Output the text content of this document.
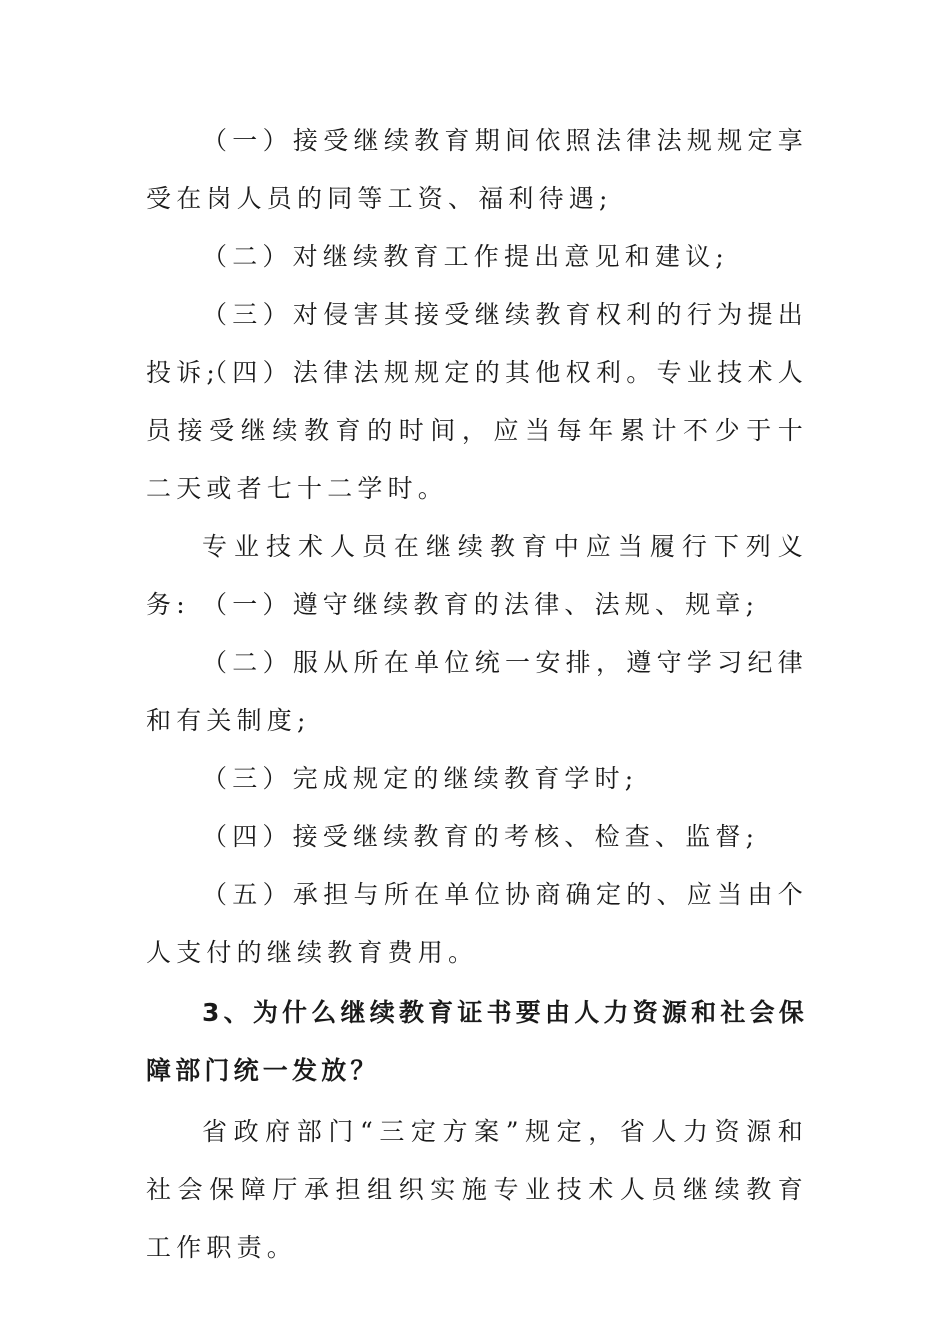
（一）接受继续教育期间依照法律法规规定享受在岗人员的同等工资、福利待遇;

（二）对继续教育工作提出意见和建议;

（三）对侵害其接受继续教育权利的行为提出投诉;

（四）法律法规规定的其他权利。专业技术人员接受继续教育的时间，应当每年累计不少于十二天或者七十二学时。

专业技术人员在继续教育中应当履行下列义务: （一）遵守继续教育的法律、法规、规章;

（二）服从所在单位统一安排，遵守学习纪律和有关制度;

（三）完成规定的继续教育学时;

（四）接受继续教育的考核、检查、监督;

（五）承担与所在单位协商确定的、应当由个人支付的继续教育费用。

3、为什么继续教育证书要由人力资源和社会保障部门统一发放？

省政府部门“三定方案”规定，省人力资源和社会保障厅承担组织实施专业技术人员继续教育工作职责。
